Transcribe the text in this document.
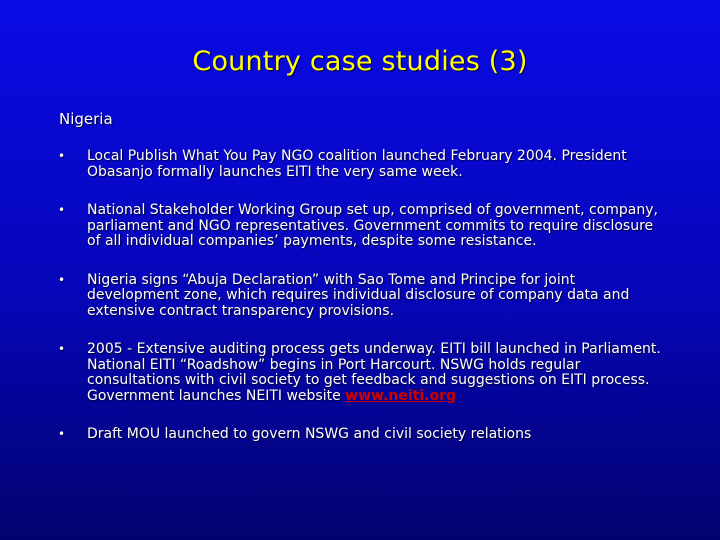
Country case studies (3)
Nigeria
• Local Publish What You Pay NGO coalition launched February 2004. President Obasanjo formally launches EITI the very same week.
• National Stakeholder Working Group set up, comprised of government, company, parliament and NGO representatives. Government commits to require disclosure of all individual companies’ payments, despite some resistance.
• Nigeria signs “Abuja Declaration” with Sao Tome and Principe for joint development zone, which requires individual disclosure of company data and extensive contract transparency provisions.
• 2005 - Extensive auditing process gets underway. EITI bill launched in Parliament. National EITI “Roadshow” begins in Port Harcourt. NSWG holds regular consultations with civil society to get feedback and suggestions on EITI process. Government launches NEITI website www.neiti.org
• Draft MOU launched to govern NSWG and civil society relations
